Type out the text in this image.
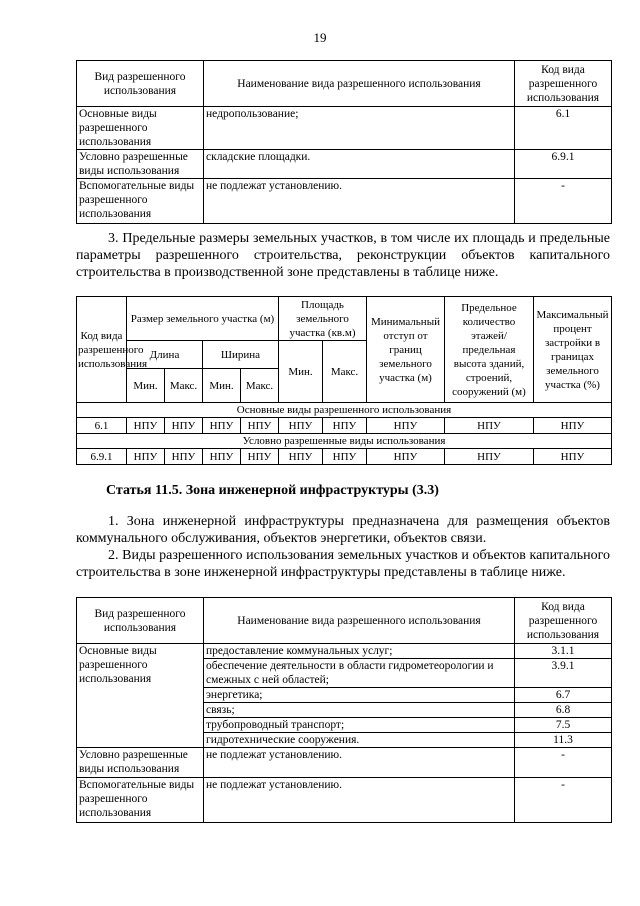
19
Вид разрешенного использования	Наименование вида разрешенного использования	Код вида разрешенного использования
Основные виды разрешенного использования	недропользование;	6.1
Условно разрешенные виды использования	складские площадки.	6.9.1
Вспомогательные виды разрешенного использования	не подлежат установлению.	-
3. Предельные размеры земельных участков, в том числе их площадь и предельные параметры разрешенного строительства, реконструкции объектов капитального строительства в производственной зоне представлены в таблице ниже.
Код вида разрешенного использования	Размер земельного участка (м)				Площадь земельного участка (кв.м)		Минимальный отступ от границ земельного участка (м)	Предельное количество этажей/ предельная высота зданий, строений, сооружений (м)	Максимальный процент застройки в границах земельного участка (%)
	Длина		Ширина		Мин.	Макс.			
	Мин.	Макс.	Мин.	Макс.					
Основные виды разрешенного использования									
6.1	НПУ	НПУ	НПУ	НПУ	НПУ	НПУ	НПУ	НПУ	НПУ
Условно разрешенные виды использования									
6.9.1	НПУ	НПУ	НПУ	НПУ	НПУ	НПУ	НПУ	НПУ	НПУ
Статья 11.5. Зона инженерной инфраструктуры (3.3)
1. Зона инженерной инфраструктуры предназначена для размещения объектов коммунального обслуживания, объектов энергетики, объектов связи.
2. Виды разрешенного использования земельных участков и объектов капитального строительства в зоне инженерной инфраструктуры представлены в таблице ниже.
Вид разрешенного использования	Наименование вида разрешенного использования	Код вида разрешенного использования
Основные виды разрешенного использования	предоставление коммунальных услуг;	3.1.1
	обеспечение деятельности в области гидрометеорологии и смежных с ней областей;	3.9.1
	энергетика;	6.7
	связь;	6.8
	трубопроводный транспорт;	7.5
	гидротехнические сооружения.	11.3
Условно разрешенные виды использования	не подлежат установлению.	-
Вспомогательные виды разрешенного использования	не подлежат установлению.	-
